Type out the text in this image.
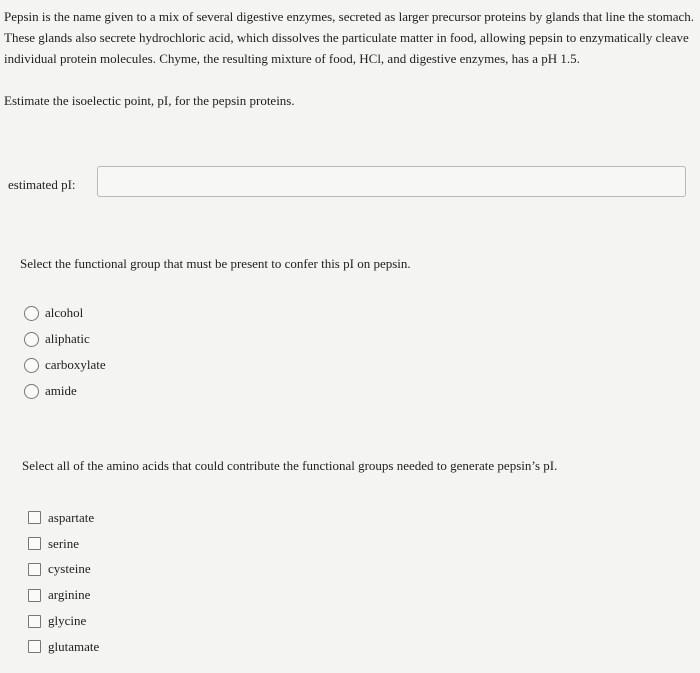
Pepsin is the name given to a mix of several digestive enzymes, secreted as larger precursor proteins by glands that line the stomach. These glands also secrete hydrochloric acid, which dissolves the particulate matter in food, allowing pepsin to enzymatically cleave individual protein molecules. Chyme, the resulting mixture of food, HCl, and digestive enzymes, has a pH 1.5.

Estimate the isoelectic point, pI, for the pepsin proteins.

estimated pI:

Select the functional group that must be present to confer this pI on pepsin.

alcohol
aliphatic
carboxylate
amide

Select all of the amino acids that could contribute the functional groups needed to generate pepsin’s pI.

aspartate
serine
cysteine
arginine
glycine
glutamate
